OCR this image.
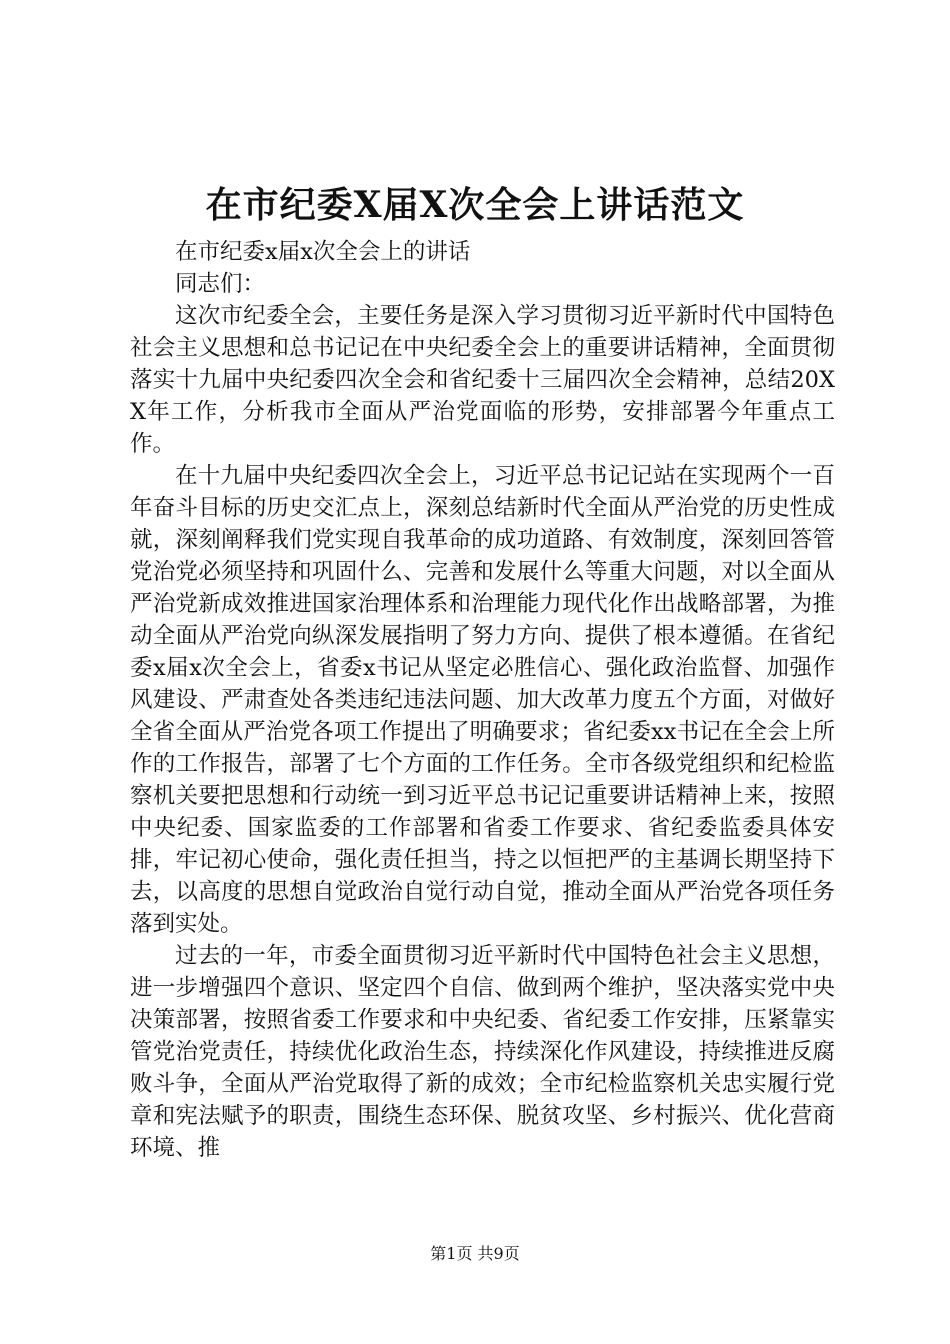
在市纪委X届X次全会上讲话范文

在市纪委x届x次全会上的讲话

同志们：

这次市纪委全会，主要任务是深入学习贯彻习近平新时代中国特色社会主义思想和总书记记在中央纪委全会上的重要讲话精神，全面贯彻落实十九届中央纪委四次全会和省纪委十三届四次全会精神，总结20XX年工作，分析我市全面从严治党面临的形势，安排部署今年重点工作。

在十九届中央纪委四次全会上，习近平总书记记站在实现两个一百年奋斗目标的历史交汇点上，深刻总结新时代全面从严治党的历史性成就，深刻阐释我们党实现自我革命的成功道路、有效制度，深刻回答管党治党必须坚持和巩固什么、完善和发展什么等重大问题，对以全面从严治党新成效推进国家治理体系和治理能力现代化作出战略部署，为推动全面从严治党向纵深发展指明了努力方向、提供了根本遵循。在省纪委x届x次全会上，省委x书记从坚定必胜信心、强化政治监督、加强作风建设、严肃查处各类违纪违法问题、加大改革力度五个方面，对做好全省全面从严治党各项工作提出了明确要求；省纪委xx书记在全会上所作的工作报告，部署了七个方面的工作任务。全市各级党组织和纪检监察机关要把思想和行动统一到习近平总书记记重要讲话精神上来，按照中央纪委、国家监委的工作部署和省委工作要求、省纪委监委具体安排，牢记初心使命，强化责任担当，持之以恒把严的主基调长期坚持下去，以高度的思想自觉政治自觉行动自觉，推动全面从严治党各项任务落到实处。

过去的一年，市委全面贯彻习近平新时代中国特色社会主义思想，进一步增强四个意识、坚定四个自信、做到两个维护，坚决落实党中央决策部署，按照省委工作要求和中央纪委、省纪委工作安排，压紧靠实管党治党责任，持续优化政治生态，持续深化作风建设，持续推进反腐败斗争，全面从严治党取得了新的成效；全市纪检监察机关忠实履行党章和宪法赋予的职责，围绕生态环保、脱贫攻坚、乡村振兴、优化营商环境、推

第1页 共9页
